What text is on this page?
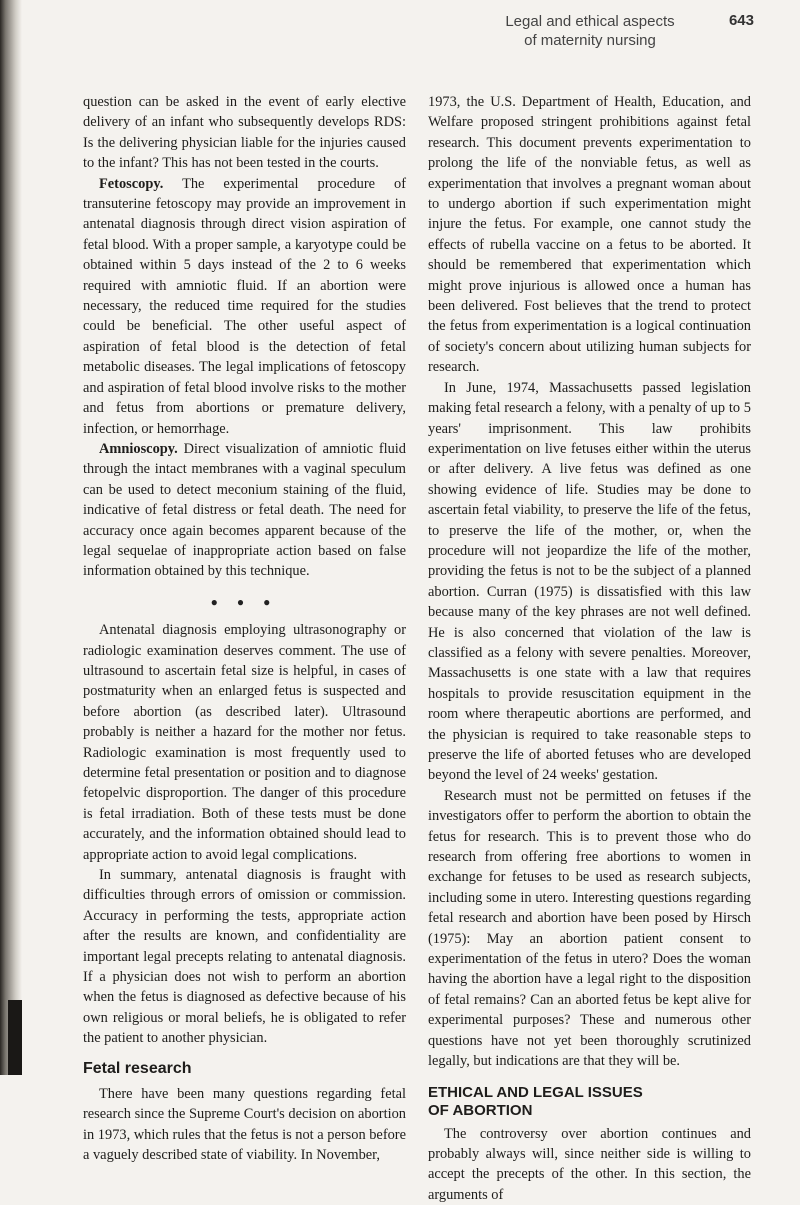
Legal and ethical aspects
of maternity nursing
643

question can be asked in the event of early elective delivery of an infant who subsequently develops RDS: Is the delivering physician liable for the injuries caused to the infant? This has not been tested in the courts.

Fetoscopy. The experimental procedure of transuterine fetoscopy may provide an improvement in antenatal diagnosis through direct vision aspiration of fetal blood. With a proper sample, a karyotype could be obtained within 5 days instead of the 2 to 6 weeks required with amniotic fluid. If an abortion were necessary, the reduced time required for the studies could be beneficial. The other useful aspect of aspiration of fetal blood is the detection of fetal metabolic diseases. The legal implications of fetoscopy and aspiration of fetal blood involve risks to the mother and fetus from abortions or premature delivery, infection, or hemorrhage.

Amnioscopy. Direct visualization of amniotic fluid through the intact membranes with a vaginal speculum can be used to detect meconium staining of the fluid, indicative of fetal distress or fetal death. The need for accuracy once again becomes apparent because of the legal sequelae of inappropriate action based on false information obtained by this technique.

● ● ●

Antenatal diagnosis employing ultrasonography or radiologic examination deserves comment. The use of ultrasound to ascertain fetal size is helpful, in cases of postmaturity when an enlarged fetus is suspected and before abortion (as described later). Ultrasound probably is neither a hazard for the mother nor fetus. Radiologic examination is most frequently used to determine fetal presentation or position and to diagnose fetopelvic disproportion. The danger of this procedure is fetal irradiation. Both of these tests must be done accurately, and the information obtained should lead to appropriate action to avoid legal complications.

In summary, antenatal diagnosis is fraught with difficulties through errors of omission or commission. Accuracy in performing the tests, appropriate action after the results are known, and confidentiality are important legal precepts relating to antenatal diagnosis. If a physician does not wish to perform an abortion when the fetus is diagnosed as defective because of his own religious or moral beliefs, he is obligated to refer the patient to another physician.

Fetal research

There have been many questions regarding fetal research since the Supreme Court's decision on abortion in 1973, which rules that the fetus is not a person before a vaguely described state of viability. In November,

1973, the U.S. Department of Health, Education, and Welfare proposed stringent prohibitions against fetal research. This document prevents experimentation to prolong the life of the nonviable fetus, as well as experimentation that involves a pregnant woman about to undergo abortion if such experimentation might injure the fetus. For example, one cannot study the effects of rubella vaccine on a fetus to be aborted. It should be remembered that experimentation which might prove injurious is allowed once a human has been delivered. Fost believes that the trend to protect the fetus from experimentation is a logical continuation of society's concern about utilizing human subjects for research.

In June, 1974, Massachusetts passed legislation making fetal research a felony, with a penalty of up to 5 years' imprisonment. This law prohibits experimentation on live fetuses either within the uterus or after delivery. A live fetus was defined as one showing evidence of life. Studies may be done to ascertain fetal viability, to preserve the life of the fetus, to preserve the life of the mother, or, when the procedure will not jeopardize the life of the mother, providing the fetus is not to be the subject of a planned abortion. Curran (1975) is dissatisfied with this law because many of the key phrases are not well defined. He is also concerned that violation of the law is classified as a felony with severe penalties. Moreover, Massachusetts is one state with a law that requires hospitals to provide resuscitation equipment in the room where therapeutic abortions are performed, and the physician is required to take reasonable steps to preserve the life of aborted fetuses who are developed beyond the level of 24 weeks' gestation.

Research must not be permitted on fetuses if the investigators offer to perform the abortion to obtain the fetus for research. This is to prevent those who do research from offering free abortions to women in exchange for fetuses to be used as research subjects, including some in utero. Interesting questions regarding fetal research and abortion have been posed by Hirsch (1975): May an abortion patient consent to experimentation of the fetus in utero? Does the woman having the abortion have a legal right to the disposition of fetal remains? Can an aborted fetus be kept alive for experimental purposes? These and numerous other questions have not yet been thoroughly scrutinized legally, but indications are that they will be.

ETHICAL AND LEGAL ISSUES
OF ABORTION

The controversy over abortion continues and probably always will, since neither side is willing to accept the precepts of the other. In this section, the arguments of
